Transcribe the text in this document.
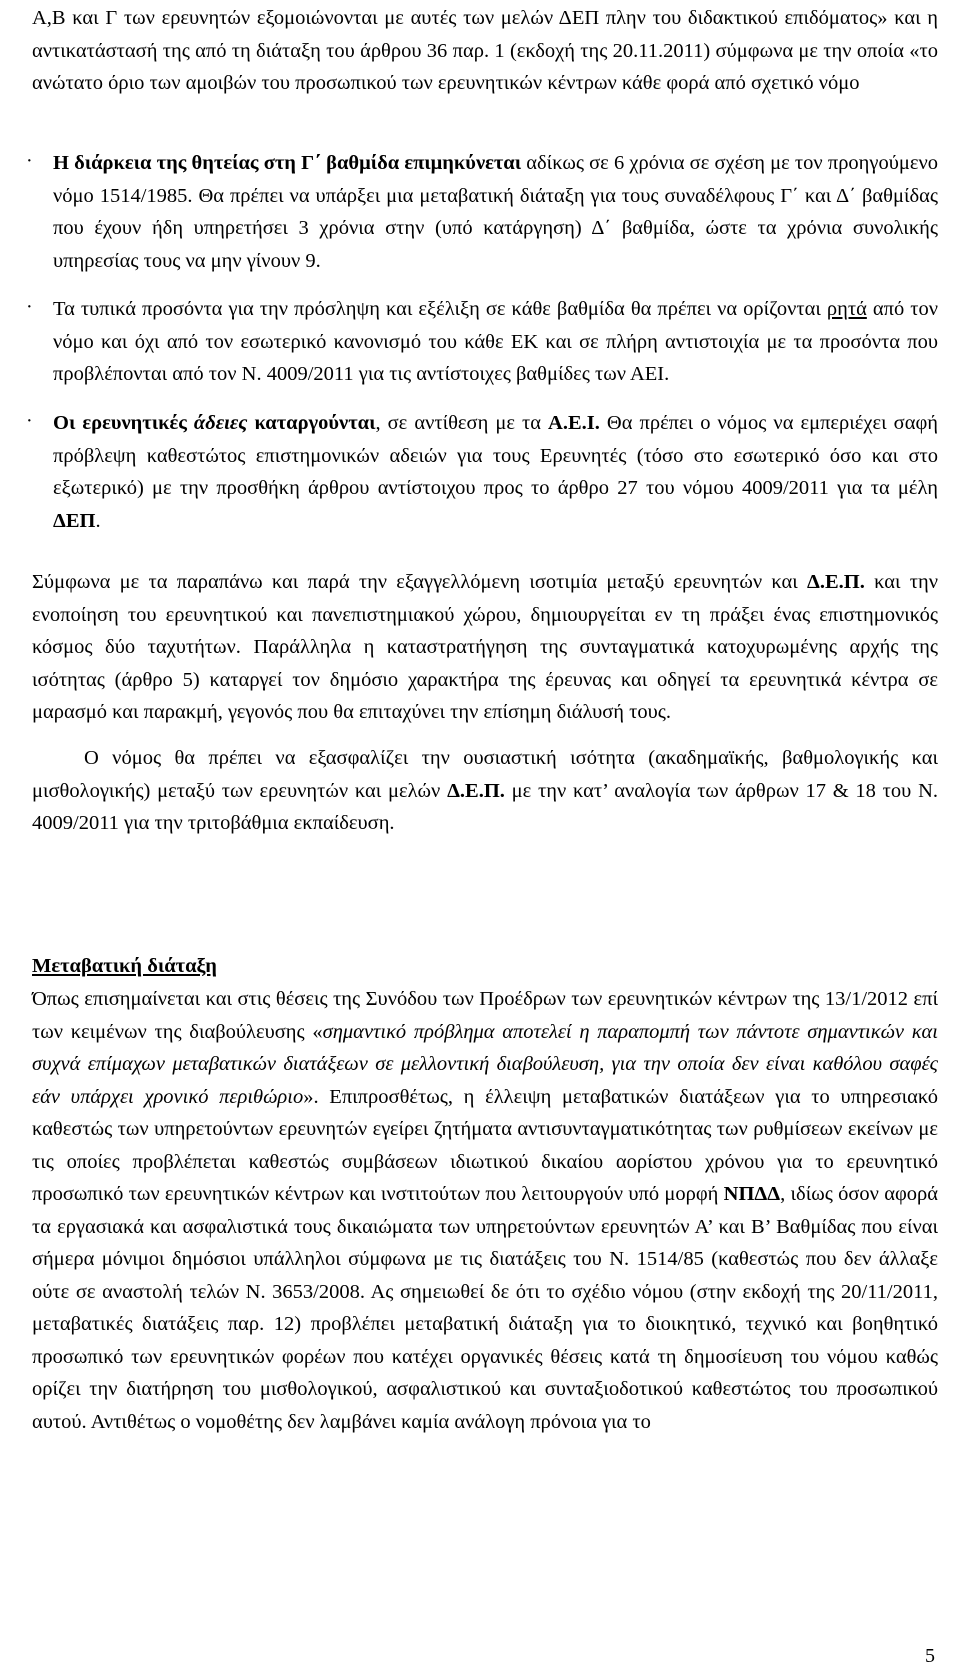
Α,Β και Γ των ερευνητών εξομοιώνονται με αυτές των μελών ΔΕΠ πλην του διδακτικού επιδόματος» και η αντικατάστασή της από τη διάταξη του άρθρου 36 παρ. 1 (εκδοχή της 20.11.2011) σύμφωνα με την οποία «το ανώτατο όριο των αμοιβών του προσωπικού των ερευνητικών κέντρων κάθε φορά από σχετικό νόμο
·
Η διάρκεια της θητείας στη Γ΄ βαθμίδα επιμηκύνεται αδίκως σε 6 χρόνια σε σχέση με τον προηγούμενο νόμο 1514/1985. Θα πρέπει να υπάρξει μια μεταβατική διάταξη για τους συναδέλφους Γ΄ και Δ΄ βαθμίδας που έχουν ήδη υπηρετήσει 3 χρόνια στην (υπό κατάργηση) Δ΄ βαθμίδα, ώστε τα χρόνια συνολικής υπηρεσίας τους να μην γίνουν 9.
·
Τα τυπικά προσόντα για την πρόσληψη και εξέλιξη σε κάθε βαθμίδα θα πρέπει να ορίζονται ρητά από τον νόμο και όχι από τον εσωτερικό κανονισμό του κάθε ΕΚ και σε πλήρη αντιστοιχία με τα προσόντα που προβλέπονται από τον Ν. 4009/2011 για τις αντίστοιχες βαθμίδες των ΑΕΙ.
·
Οι ερευνητικές άδειες καταργούνται, σε αντίθεση με τα Α.Ε.Ι. Θα πρέπει ο νόμος να εμπεριέχει σαφή πρόβλεψη καθεστώτος επιστημονικών αδειών για τους Ερευνητές (τόσο στο εσωτερικό όσο και στο εξωτερικό) με την προσθήκη άρθρου αντίστοιχου προς το άρθρο 27 του νόμου 4009/2011 για τα μέλη ΔΕΠ.
Σύμφωνα με τα παραπάνω και παρά την εξαγγελλόμενη ισοτιμία μεταξύ ερευνητών και Δ.Ε.Π. και την ενοποίηση του ερευνητικού και πανεπιστημιακού χώρου, δημιουργείται εν τη πράξει ένας επιστημονικός κόσμος δύο ταχυτήτων. Παράλληλα η καταστρατήγηση της συνταγματικά κατοχυρωμένης αρχής της ισότητας (άρθρο 5) καταργεί τον δημόσιο χαρακτήρα της έρευνας και οδηγεί τα ερευνητικά κέντρα σε μαρασμό και παρακμή, γεγονός που θα επιταχύνει την επίσημη διάλυσή τους.
Ο νόμος θα πρέπει να εξασφαλίζει την ουσιαστική ισότητα (ακαδημαϊκής, βαθμολογικής και μισθολογικής) μεταξύ των ερευνητών και μελών Δ.Ε.Π. με την κατ’ αναλογία των άρθρων 17 & 18 του Ν. 4009/2011 για την τριτοβάθμια εκπαίδευση.
Μεταβατική διάταξη
Όπως επισημαίνεται και στις θέσεις της Συνόδου των Προέδρων των ερευνητικών κέντρων της 13/1/2012 επί των κειμένων της διαβούλευσης «σημαντικό πρόβλημα αποτελεί η παραπομπή των πάντοτε σημαντικών και συχνά επίμαχων μεταβατικών διατάξεων σε μελλοντική διαβούλευση, για την οποία δεν είναι καθόλου σαφές εάν υπάρχει χρονικό περιθώριο». Επιπροσθέτως, η έλλειψη μεταβατικών διατάξεων για το υπηρεσιακό καθεστώς των υπηρετούντων ερευνητών εγείρει ζητήματα αντισυνταγματικότητας των ρυθμίσεων εκείνων με τις οποίες προβλέπεται καθεστώς συμβάσεων ιδιωτικού δικαίου αορίστου χρόνου για το ερευνητικό προσωπικό των ερευνητικών κέντρων και ινστιτούτων που λειτουργούν υπό μορφή ΝΠΔΔ, ιδίως όσον αφορά τα εργασιακά και ασφαλιστικά τους δικαιώματα των υπηρετούντων ερευνητών Α’ και Β’ Βαθμίδας που είναι σήμερα μόνιμοι δημόσιοι υπάλληλοι σύμφωνα με τις διατάξεις του Ν. 1514/85 (καθεστώς που δεν άλλαξε ούτε σε αναστολή τελών Ν. 3653/2008. Ας σημειωθεί δε ότι το σχέδιο νόμου (στην εκδοχή της 20/11/2011, μεταβατικές διατάξεις παρ. 12) προβλέπει μεταβατική διάταξη για το διοικητικό, τεχνικό και βοηθητικό προσωπικό των ερευνητικών φορέων που κατέχει οργανικές θέσεις κατά τη δημοσίευση του νόμου καθώς ορίζει την διατήρηση του μισθολογικού, ασφαλιστικού και συνταξιοδοτικού καθεστώτος του προσωπικού αυτού. Αντιθέτως ο νομοθέτης δεν λαμβάνει καμία ανάλογη πρόνοια για το
5
